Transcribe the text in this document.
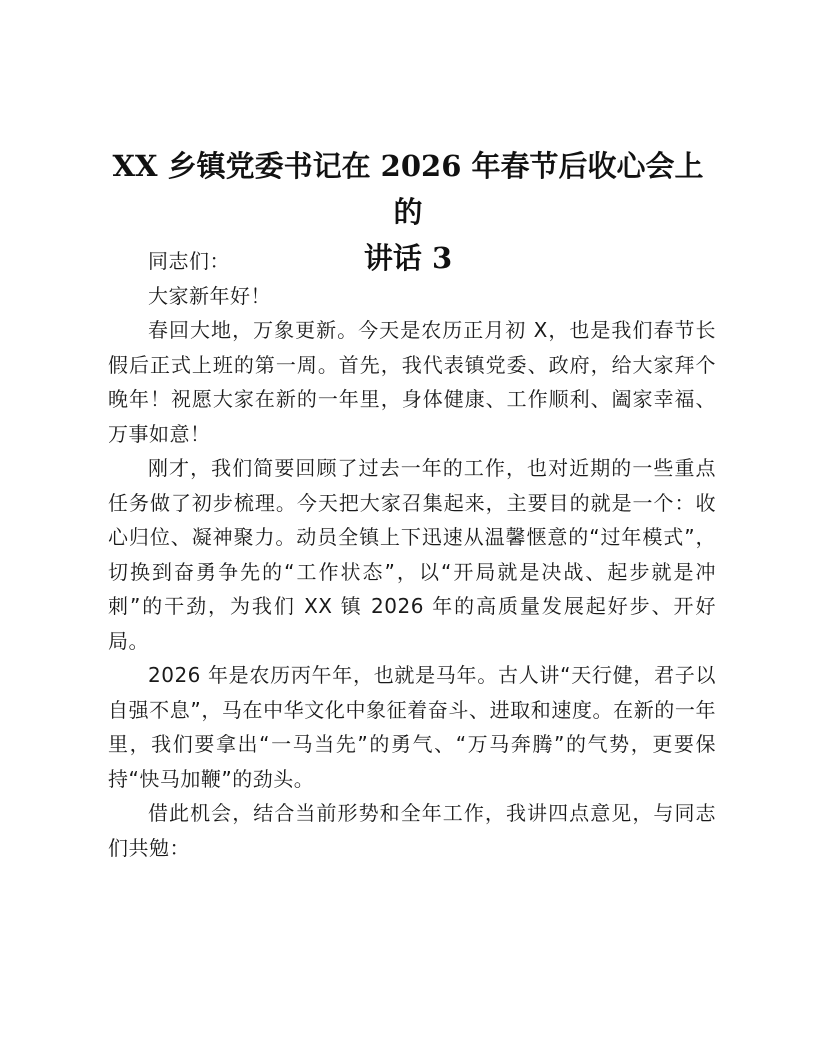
XX 乡镇党委书记在 2026 年春节后收心会上的
讲话 3

同志们：

大家新年好！

春回大地，万象更新。今天是农历正月初 X，也是我们春节长假后正式上班的第一周。首先，我代表镇党委、政府，给大家拜个晚年！祝愿大家在新的一年里，身体健康、工作顺利、阖家幸福、万事如意！

刚才，我们简要回顾了过去一年的工作，也对近期的一些重点任务做了初步梳理。今天把大家召集起来，主要目的就是一个：收心归位、凝神聚力。动员全镇上下迅速从温馨惬意的“过年模式”，切换到奋勇争先的“工作状态”，以“开局就是决战、起步就是冲刺”的干劲，为我们 XX 镇 2026 年的高质量发展起好步、开好局。

2026 年是农历丙午年，也就是马年。古人讲“天行健，君子以自强不息”，马在中华文化中象征着奋斗、进取和速度。在新的一年里，我们要拿出“一马当先”的勇气、“万马奔腾”的气势，更要保持“快马加鞭”的劲头。

借此机会，结合当前形势和全年工作，我讲四点意见，与同志们共勉：
